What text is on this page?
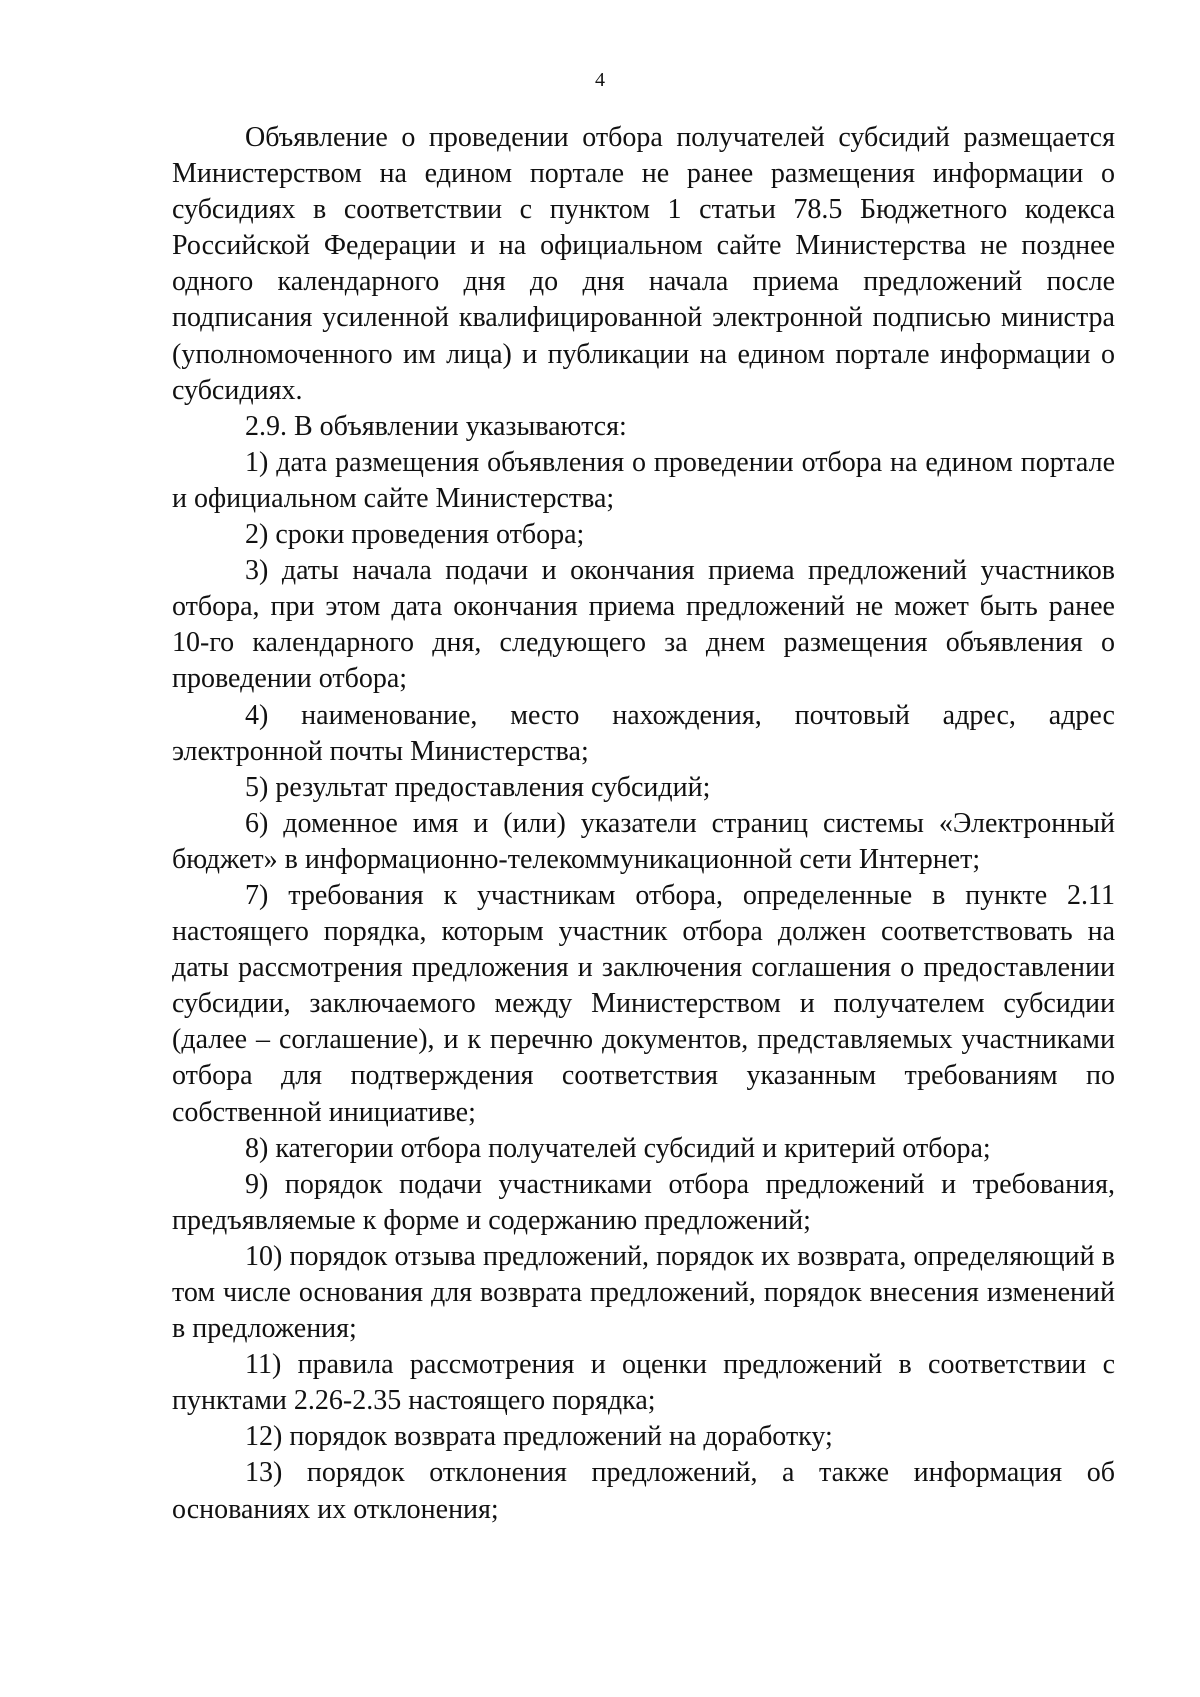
4

Объявление о проведении отбора получателей субсидий размещается Министерством на едином портале не ранее размещения информации о субсидиях в соответствии с пунктом 1 статьи 78.5 Бюджетного кодекса Российской Федерации и на официальном сайте Министерства не позднее одного календарного дня до дня начала приема предложений после подписания усиленной квалифицированной электронной подписью министра (уполномоченного им лица) и публикации на едином портале информации о субсидиях.

2.9. В объявлении указываются:

1) дата размещения объявления о проведении отбора на едином портале и официальном сайте Министерства;

2) сроки проведения отбора;

3) даты начала подачи и окончания приема предложений участников отбора, при этом дата окончания приема предложений не может быть ранее 10-го календарного дня, следующего за днем размещения объявления о проведении отбора;

4) наименование, место нахождения, почтовый адрес, адрес электронной почты Министерства;

5) результат предоставления субсидий;

6) доменное имя и (или) указатели страниц системы «Электронный бюджет» в информационно-телекоммуникационной сети Интернет;

7) требования к участникам отбора, определенные в пункте 2.11 настоящего порядка, которым участник отбора должен соответствовать на даты рассмотрения предложения и заключения соглашения о предоставлении субсидии, заключаемого между Министерством и получателем субсидии (далее – соглашение), и к перечню документов, представляемых участниками отбора для подтверждения соответствия указанным требованиям по собственной инициативе;

8) категории отбора получателей субсидий и критерий отбора;

9) порядок подачи участниками отбора предложений и требования, предъявляемые к форме и содержанию предложений;

10) порядок отзыва предложений, порядок их возврата, определяющий в том числе основания для возврата предложений, порядок внесения изменений в предложения;

11) правила рассмотрения и оценки предложений в соответствии с пунктами 2.26-2.35 настоящего порядка;

12) порядок возврата предложений на доработку;

13) порядок отклонения предложений, а также информация об основаниях их отклонения;
